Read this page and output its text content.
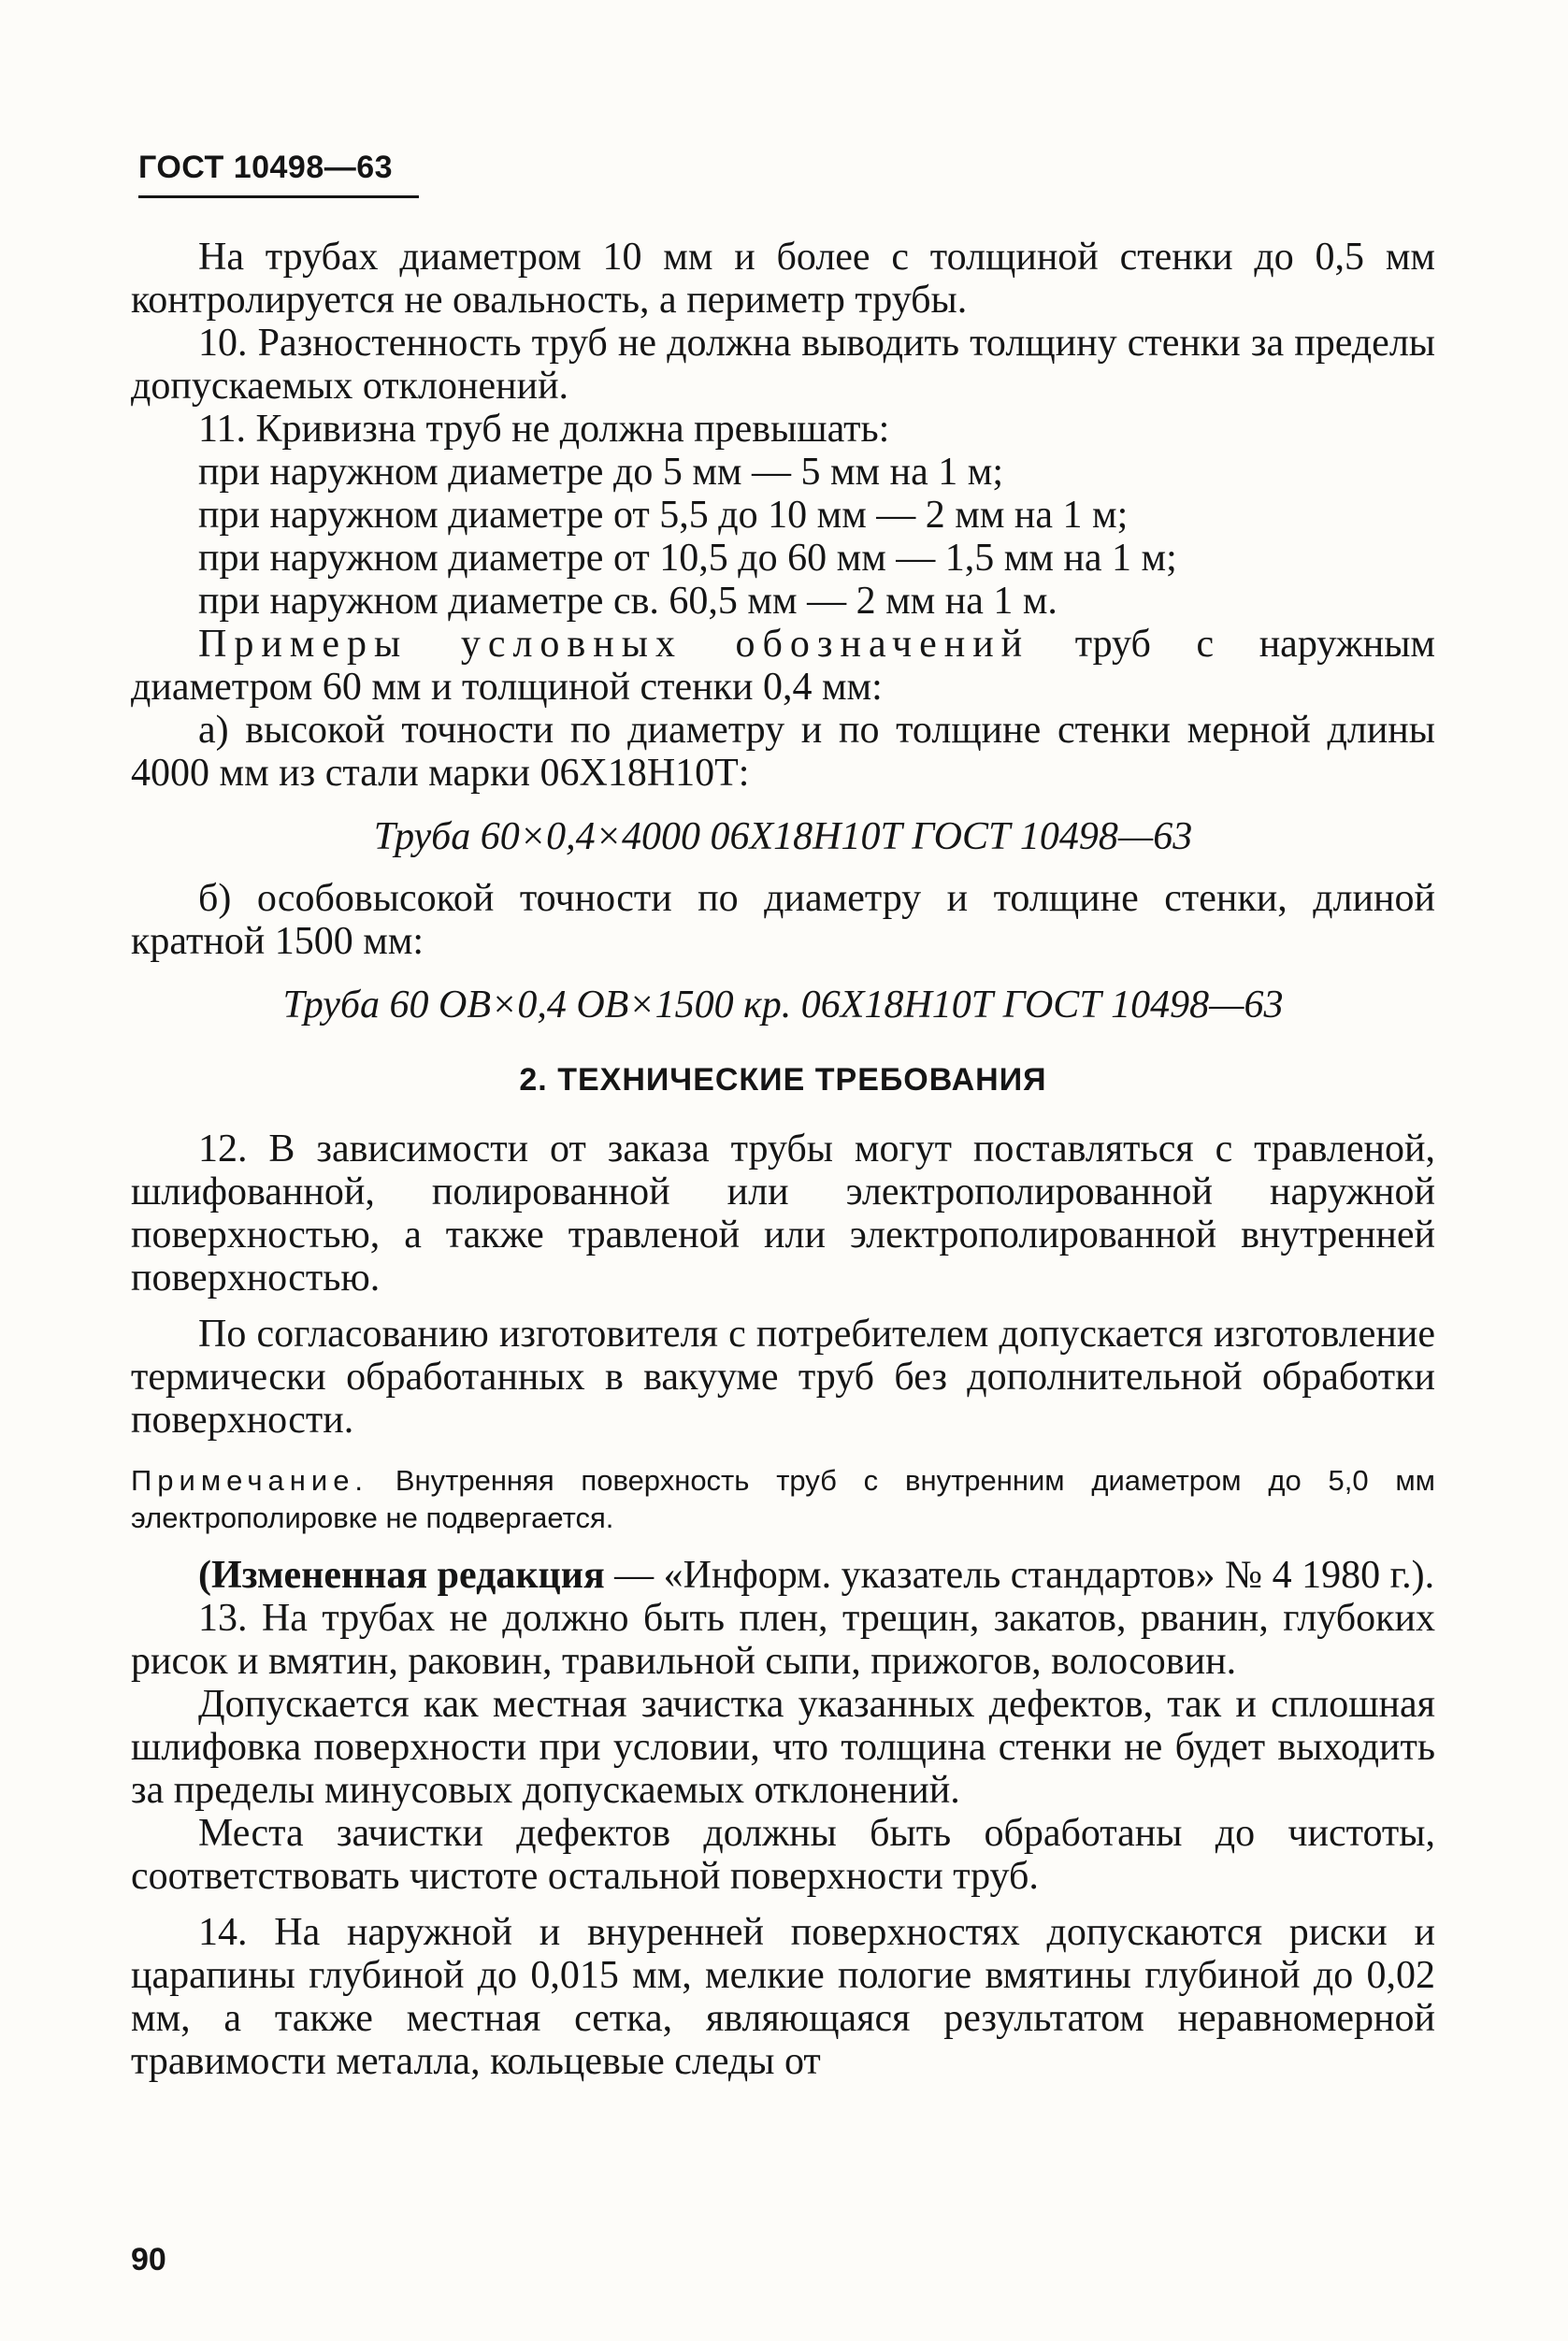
ГОСТ 10498—63

На трубах диаметром 10 мм и более с толщиной стенки до 0,5 мм контролируется не овальность, а периметр трубы.

10. Разностенность труб не должна выводить толщину стенки за пределы допускаемых отклонений.

11. Кривизна труб не должна превышать:

при наружном диаметре до 5 мм — 5 мм на 1 м;

при наружном диаметре от 5,5 до 10 мм — 2 мм на 1 м;

при наружном диаметре от 10,5 до 60 мм — 1,5 мм на 1 м;

при наружном диаметре св. 60,5 мм — 2 мм на 1 м.

Примеры условных обозначений труб с наружным диаметром 60 мм и толщиной стенки 0,4 мм:

а) высокой точности по диаметру и по толщине стенки мерной длины 4000 мм из стали марки 06Х18Н10Т:

Труба 60×0,4×4000 06Х18Н10Т ГОСТ 10498—63

б) особовысокой точности по диаметру и толщине стенки, длиной кратной 1500 мм:

Труба 60 ОВ×0,4 ОВ×1500 кр. 06Х18Н10Т ГОСТ 10498—63

2. ТЕХНИЧЕСКИЕ ТРЕБОВАНИЯ

12. В зависимости от заказа трубы могут поставляться с травленой, шлифованной, полированной или электрополированной наружной поверхностью, а также травленой или электрополированной внутренней поверхностью.

По согласованию изготовителя с потребителем допускается изготовление термически обработанных в вакууме труб без дополнительной обработки поверхности.

Примечание. Внутренняя поверхность труб с внутренним диаметром до 5,0 мм электрополировке не подвергается.

(Измененная редакция — «Информ. указатель стандартов» № 4 1980 г.).

13. На трубах не должно быть плен, трещин, закатов, рванин, глубоких рисок и вмятин, раковин, травильной сыпи, прижогов, волосовин.

Допускается как местная зачистка указанных дефектов, так и сплошная шлифовка поверхности при условии, что толщина стенки не будет выходить за пределы минусовых допускаемых отклонений.

Места зачистки дефектов должны быть обработаны до чистоты, соответствовать чистоте остальной поверхности труб.

14. На наружной и внуренней поверхностях допускаются риски и царапины глубиной до 0,015 мм, мелкие пологие вмятины глубиной до 0,02 мм, а также местная сетка, являющаяся результатом неравномерной травимости металла, кольцевые следы от

90
